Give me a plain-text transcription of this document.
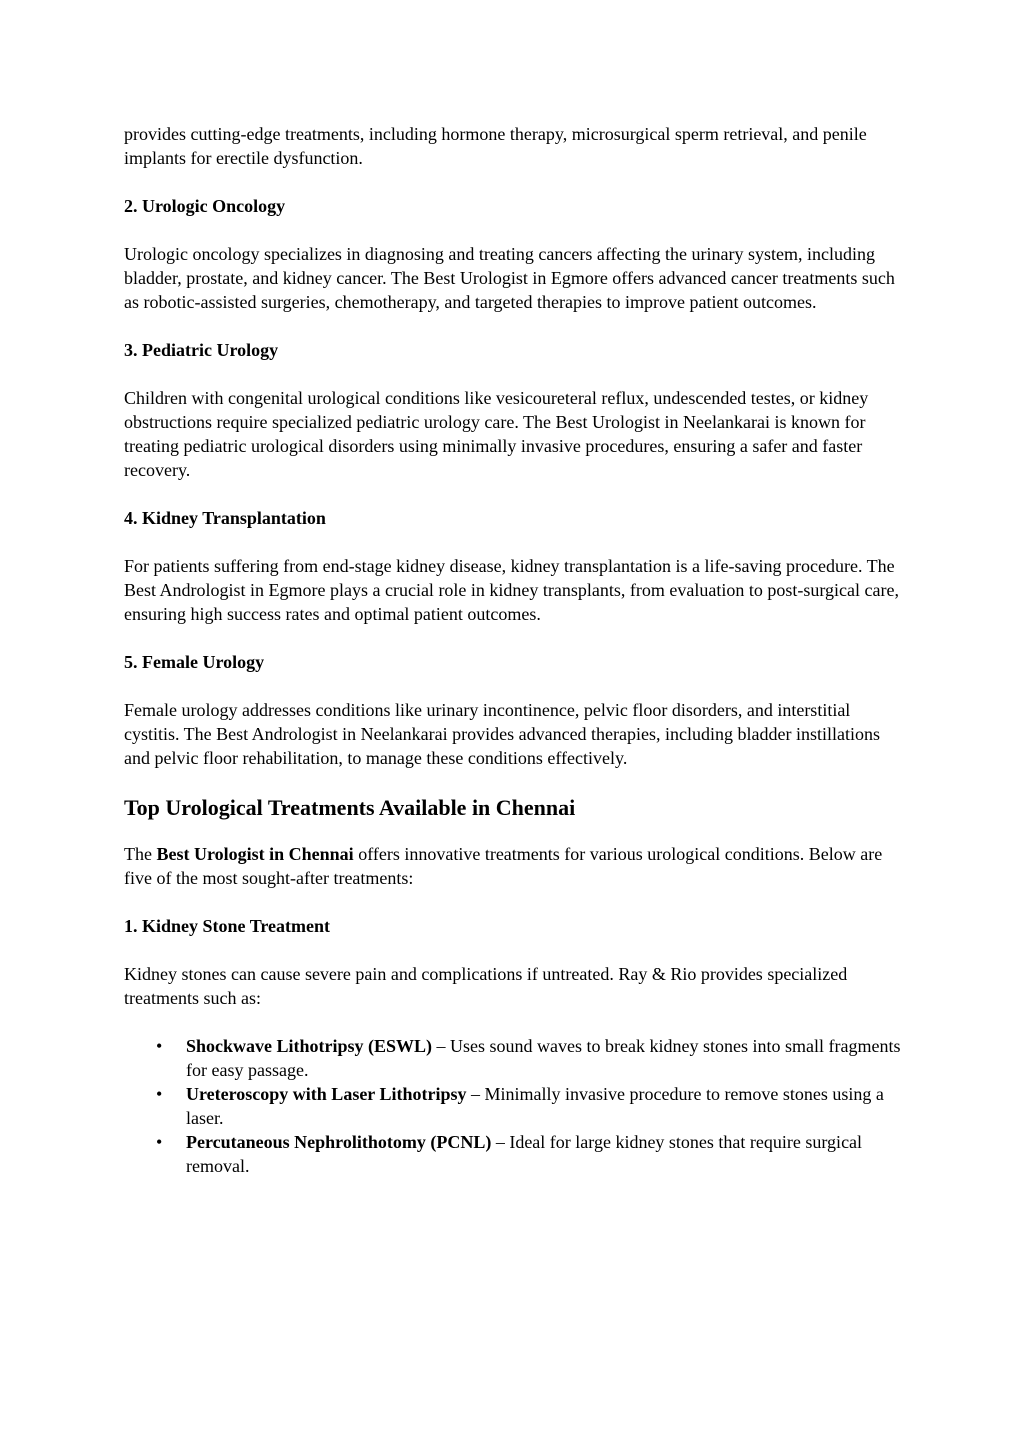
provides cutting-edge treatments, including hormone therapy, microsurgical sperm retrieval, and penile implants for erectile dysfunction.

2. Urologic Oncology

Urologic oncology specializes in diagnosing and treating cancers affecting the urinary system, including bladder, prostate, and kidney cancer. The Best Urologist in Egmore offers advanced cancer treatments such as robotic-assisted surgeries, chemotherapy, and targeted therapies to improve patient outcomes.

3. Pediatric Urology

Children with congenital urological conditions like vesicoureteral reflux, undescended testes, or kidney obstructions require specialized pediatric urology care. The Best Urologist in Neelankarai is known for treating pediatric urological disorders using minimally invasive procedures, ensuring a safer and faster recovery.

4. Kidney Transplantation

For patients suffering from end-stage kidney disease, kidney transplantation is a life-saving procedure. The Best Andrologist in Egmore plays a crucial role in kidney transplants, from evaluation to post-surgical care, ensuring high success rates and optimal patient outcomes.

5. Female Urology

Female urology addresses conditions like urinary incontinence, pelvic floor disorders, and interstitial cystitis. The Best Andrologist in Neelankarai provides advanced therapies, including bladder instillations and pelvic floor rehabilitation, to manage these conditions effectively.

Top Urological Treatments Available in Chennai

The Best Urologist in Chennai offers innovative treatments for various urological conditions. Below are five of the most sought-after treatments:

1. Kidney Stone Treatment

Kidney stones can cause severe pain and complications if untreated. Ray & Rio provides specialized treatments such as:

• Shockwave Lithotripsy (ESWL) – Uses sound waves to break kidney stones into small fragments for easy passage.
• Ureteroscopy with Laser Lithotripsy – Minimally invasive procedure to remove stones using a laser.
• Percutaneous Nephrolithotomy (PCNL) – Ideal for large kidney stones that require surgical removal.
